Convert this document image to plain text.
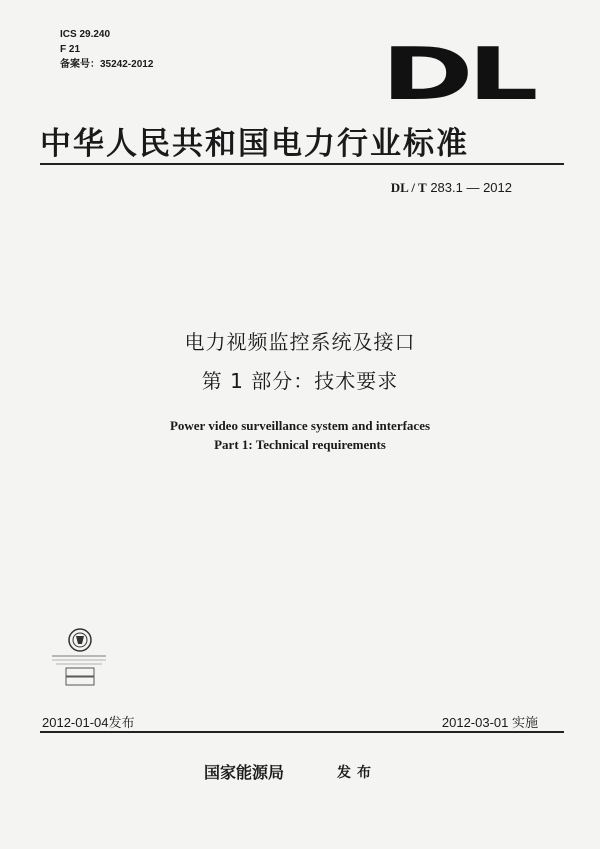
ICS 29.240
F 21
备案号：35242-2012	DL
中华人民共和国电力行业标准
DL / T 283.1 — 2012
电力视频监控系统及接口
第 1 部分：技术要求
Power video surveillance system and interfaces
Part 1: Technical requirements
2012-01-04发布	2012-03-01 实施
国家能源局	发布
